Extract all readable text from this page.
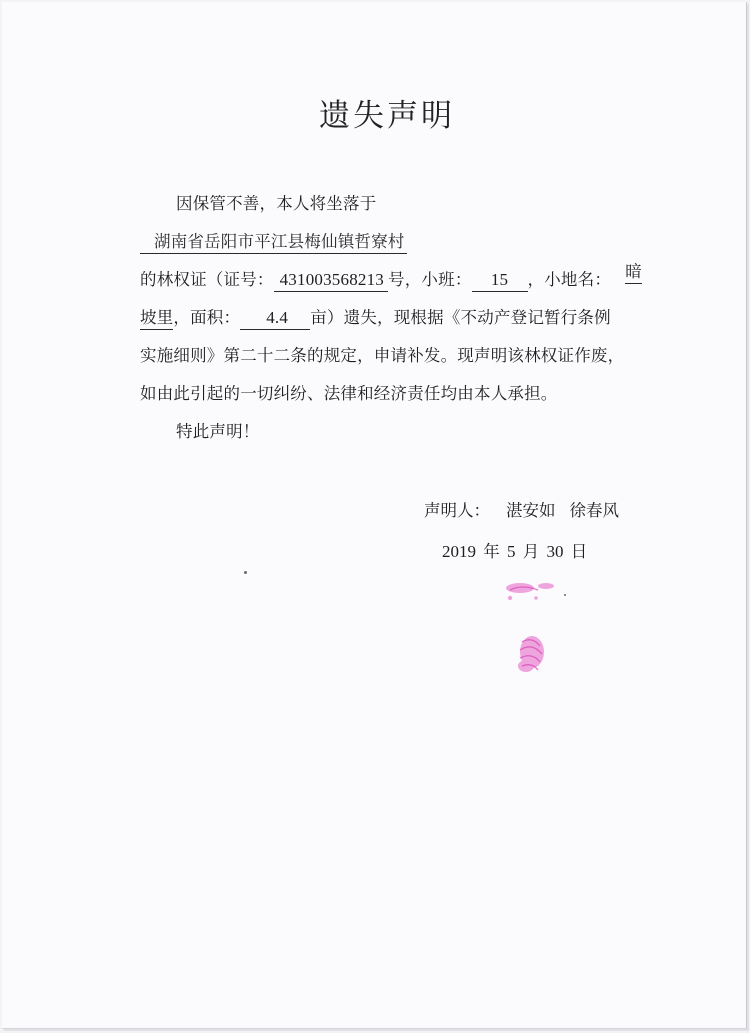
遗失声明

因保管不善，本人将坐落于湖南省岳阳市平江县梅仙镇哲寮村

的林权证（证号： 431003568213 号，小班： 15 ，小地名： 暗

坡里，面积： 4.4 亩）遗失，现根据《不动产登记暂行条例

实施细则》第二十二条的规定，申请补发。现声明该林权证作废，

如由此引起的一切纠纷、法律和经济责任均由本人承担。

特此声明！

声明人： 湛安如 徐春风
2019 年 5 月 30 日
